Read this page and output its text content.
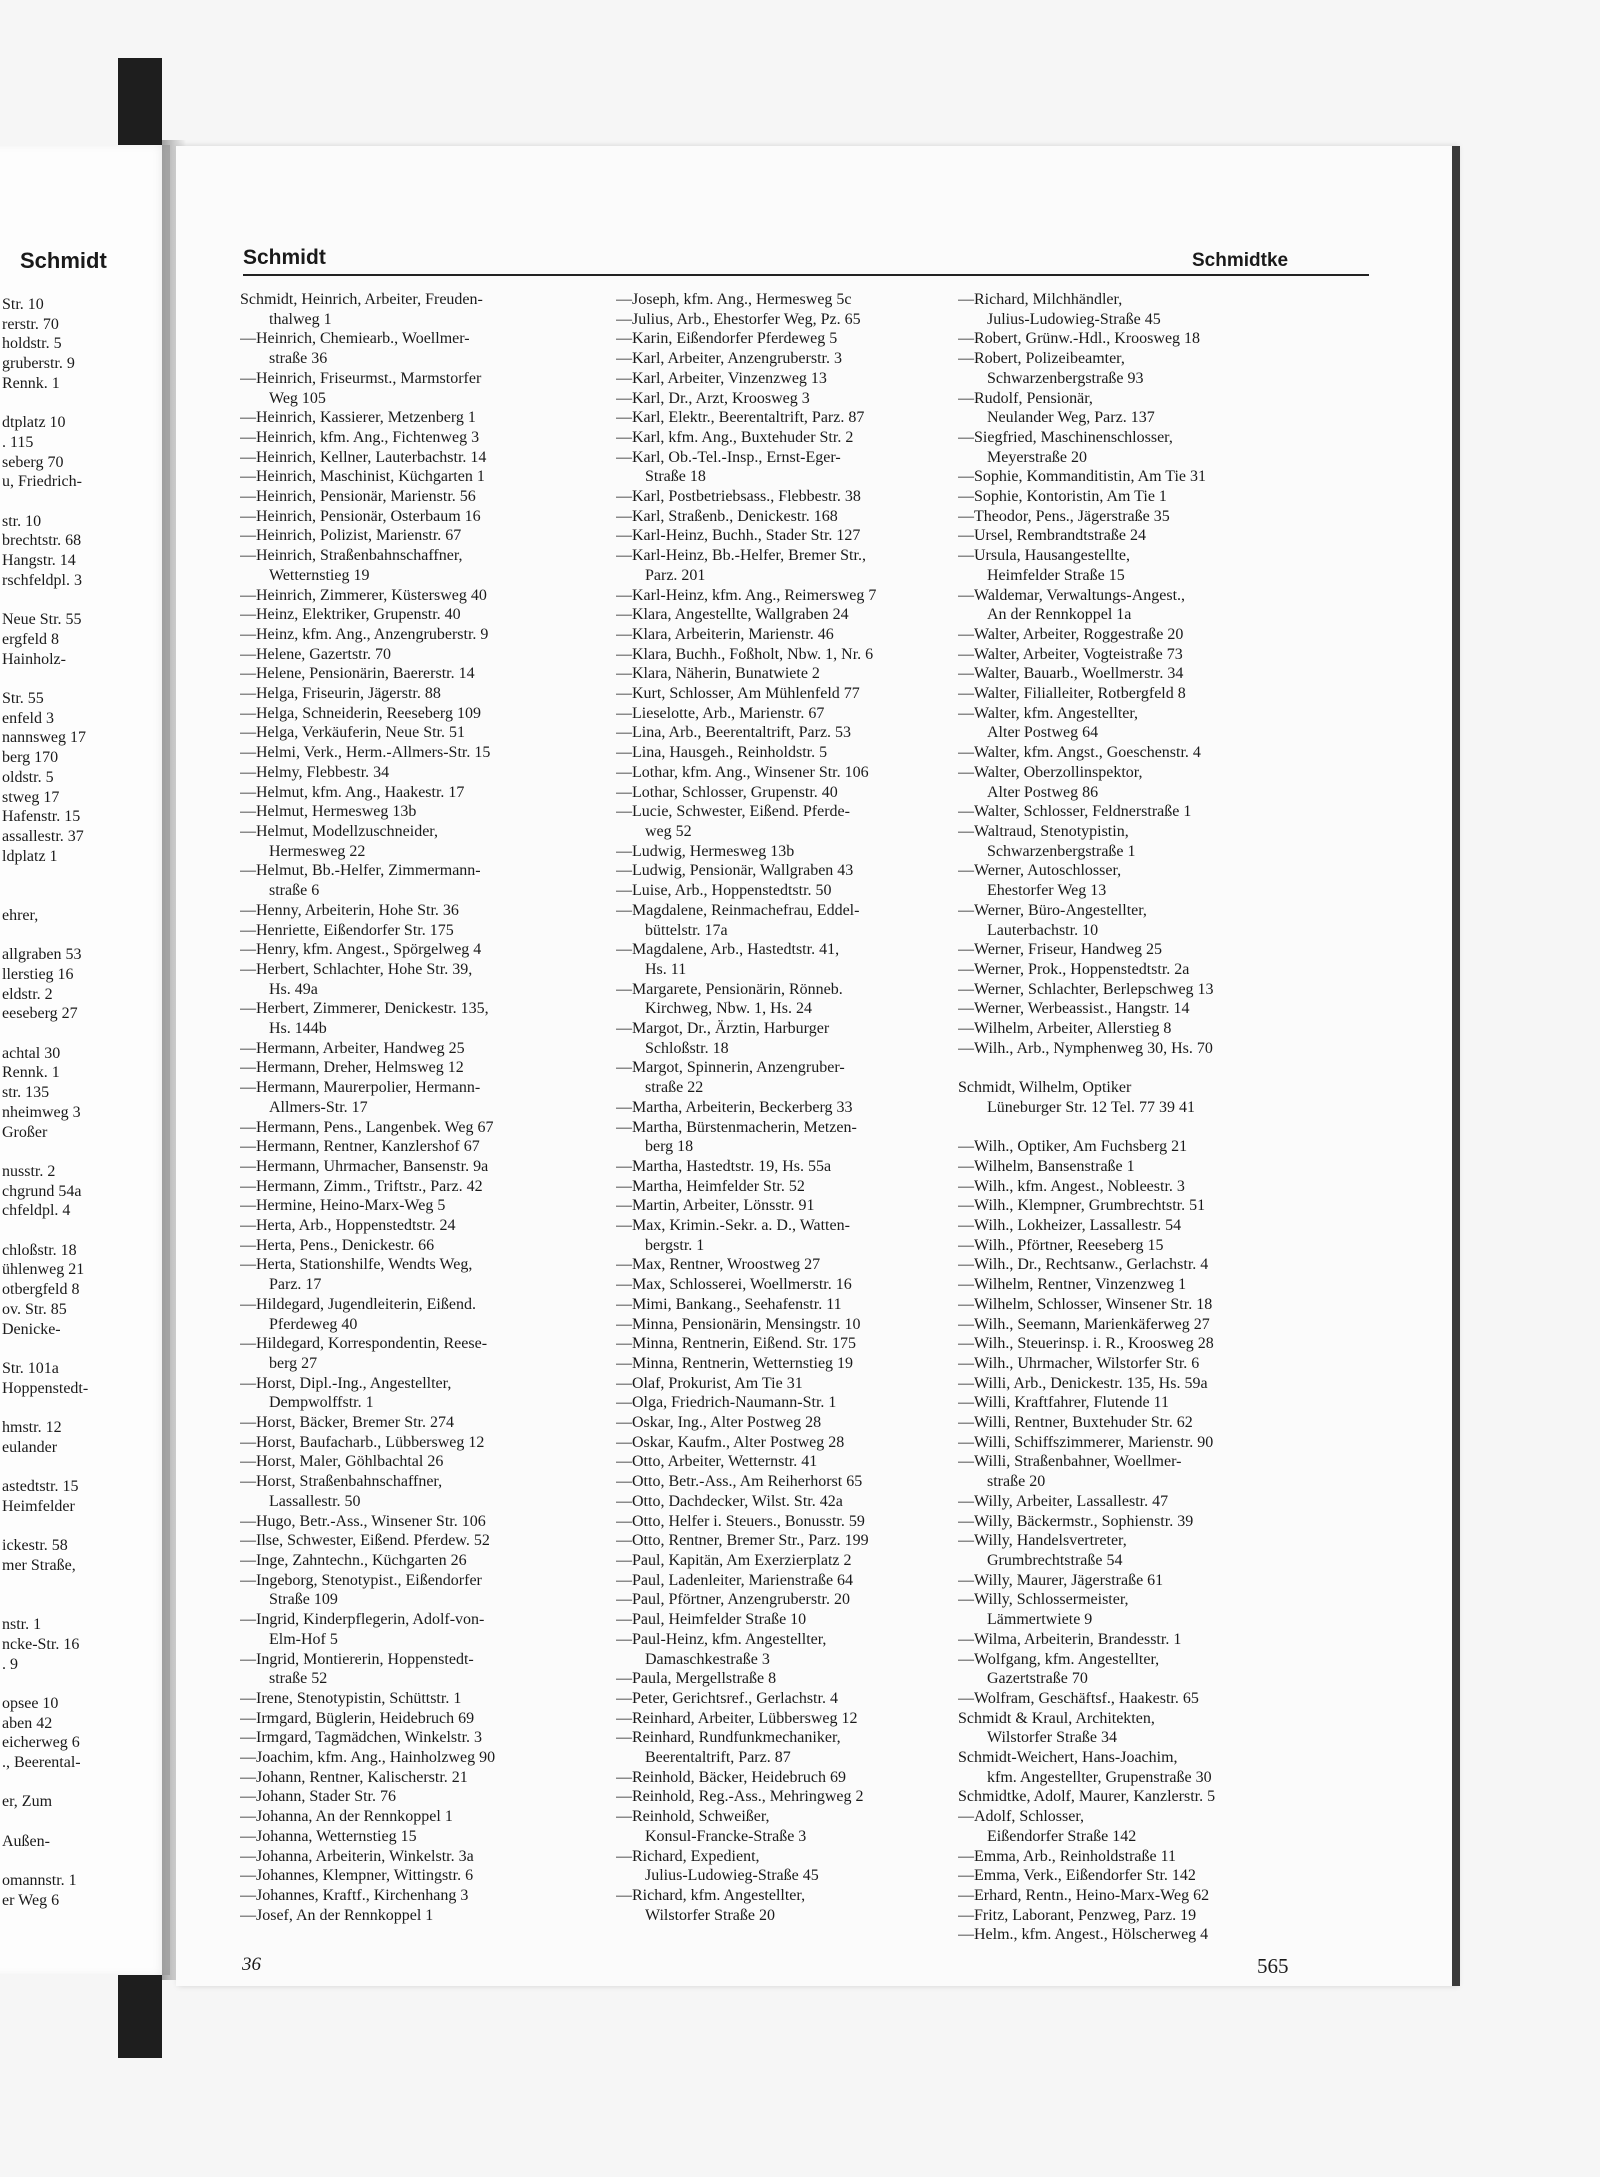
Schmidt
Str. 10
rerstr. 70
holdstr. 5
gruberstr. 9
Rennk. 1

dtplatz 10
. 115
seberg 70
u, Friedrich-

str. 10
brechtstr. 68
Hangstr. 14
rschfeldpl. 3

Neue Str. 55
ergfeld 8
Hainholz-

Str. 55
enfeld 3
nannsweg 17
berg 170
oldstr. 5
stweg 17
Hafenstr. 15
assallestr. 37
ldplatz 1

ehrer,

allgraben 53
llerstieg 16
eldstr. 2
eeseberg 27

achtal 30
Rennk. 1
str. 135
nheimweg 3
Großer

nusstr. 2
chgrund 54a
chfeldpl. 4

chloßstr. 18
ühlenweg 21
otbergfeld 8
ov. Str. 85
Denicke-

Str. 101a
Hoppenstedt-

hmstr. 12
eulander

astedtstr. 15
Heimfelder

ickestr. 58
mer Straße,

nstr. 1
ncke-Str. 16
. 9

opsee 10
aben 42
eicherweg 6
., Beerental-

er, Zum

Außen-

omannstr. 1
er Weg 6
Schmidt	Schmidtke
Schmidt, Heinrich, Arbeiter, Freuden-
thalweg 1
—Heinrich, Chemiearb., Woellmer-
straße 36
—Heinrich, Friseurmst., Marmstorfer
Weg 105
—Heinrich, Kassierer, Metzenberg 1
—Heinrich, kfm. Ang., Fichtenweg 3
—Heinrich, Kellner, Lauterbachstr. 14
—Heinrich, Maschinist, Küchgarten 1
—Heinrich, Pensionär, Marienstr. 56
—Heinrich, Pensionär, Osterbaum 16
—Heinrich, Polizist, Marienstr. 67
—Heinrich, Straßenbahnschaffner,
Wetternstieg 19
—Heinrich, Zimmerer, Küstersweg 40
—Heinz, Elektriker, Grupenstr. 40
—Heinz, kfm. Ang., Anzengruberstr. 9
—Helene, Gazertstr. 70
—Helene, Pensionärin, Baererstr. 14
—Helga, Friseurin, Jägerstr. 88
—Helga, Schneiderin, Reeseberg 109
—Helga, Verkäuferin, Neue Str. 51
—Helmi, Verk., Herm.-Allmers-Str. 15
—Helmy, Flebbestr. 34
—Helmut, kfm. Ang., Haakestr. 17
—Helmut, Hermesweg 13b
—Helmut, Modellzuschneider,
Hermesweg 22
—Helmut, Bb.-Helfer, Zimmermann-
straße 6
—Henny, Arbeiterin, Hohe Str. 36
—Henriette, Eißendorfer Str. 175
—Henry, kfm. Angest., Spörgelweg 4
—Herbert, Schlachter, Hohe Str. 39,
Hs. 49a
—Herbert, Zimmerer, Denickestr. 135,
Hs. 144b
—Hermann, Arbeiter, Handweg 25
—Hermann, Dreher, Helmsweg 12
—Hermann, Maurerpolier, Hermann-
Allmers-Str. 17
—Hermann, Pens., Langenbek. Weg 67
—Hermann, Rentner, Kanzlershof 67
—Hermann, Uhrmacher, Bansenstr. 9a
—Hermann, Zimm., Triftstr., Parz. 42
—Hermine, Heino-Marx-Weg 5
—Herta, Arb., Hoppenstedtstr. 24
—Herta, Pens., Denickestr. 66
—Herta, Stationshilfe, Wendts Weg,
Parz. 17
—Hildegard, Jugendleiterin, Eißend.
Pferdeweg 40
—Hildegard, Korrespondentin, Reese-
berg 27
—Horst, Dipl.-Ing., Angestellter,
Dempwolffstr. 1
—Horst, Bäcker, Bremer Str. 274
—Horst, Baufacharb., Lübbersweg 12
—Horst, Maler, Göhlbachtal 26
—Horst, Straßenbahnschaffner,
Lassallestr. 50
—Hugo, Betr.-Ass., Winsener Str. 106
—Ilse, Schwester, Eißend. Pferdew. 52
—Inge, Zahntechn., Küchgarten 26
—Ingeborg, Stenotypist., Eißendorfer
Straße 109
—Ingrid, Kinderpflegerin, Adolf-von-
Elm-Hof 5
—Ingrid, Montiererin, Hoppenstedt-
straße 52
—Irene, Stenotypistin, Schüttstr. 1
—Irmgard, Büglerin, Heidebruch 69
—Irmgard, Tagmädchen, Winkelstr. 3
—Joachim, kfm. Ang., Hainholzweg 90
—Johann, Rentner, Kalischerstr. 21
—Johann, Stader Str. 76
—Johanna, An der Rennkoppel 1
—Johanna, Wetternstieg 15
—Johanna, Arbeiterin, Winkelstr. 3a
—Johannes, Klempner, Wittingstr. 6
—Johannes, Kraftf., Kirchenhang 3
—Josef, An der Rennkoppel 1
—Joseph, kfm. Ang., Hermesweg 5c
—Julius, Arb., Ehestorfer Weg, Pz. 65
—Karin, Eißendorfer Pferdeweg 5
—Karl, Arbeiter, Anzengruberstr. 3
—Karl, Arbeiter, Vinzenzweg 13
—Karl, Dr., Arzt, Kroosweg 3
—Karl, Elektr., Beerentaltrift, Parz. 87
—Karl, kfm. Ang., Buxtehuder Str. 2
—Karl, Ob.-Tel.-Insp., Ernst-Eger-
Straße 18
—Karl, Postbetriebsass., Flebbestr. 38
—Karl, Straßenb., Denickestr. 168
—Karl-Heinz, Buchh., Stader Str. 127
—Karl-Heinz, Bb.-Helfer, Bremer Str.,
Parz. 201
—Karl-Heinz, kfm. Ang., Reimersweg 7
—Klara, Angestellte, Wallgraben 24
—Klara, Arbeiterin, Marienstr. 46
—Klara, Buchh., Foßholt, Nbw. 1, Nr. 6
—Klara, Näherin, Bunatwiete 2
—Kurt, Schlosser, Am Mühlenfeld 77
—Lieselotte, Arb., Marienstr. 67
—Lina, Arb., Beerentaltrift, Parz. 53
—Lina, Hausgeh., Reinholdstr. 5
—Lothar, kfm. Ang., Winsener Str. 106
—Lothar, Schlosser, Grupenstr. 40
—Lucie, Schwester, Eißend. Pferde-
weg 52
—Ludwig, Hermesweg 13b
—Ludwig, Pensionär, Wallgraben 43
—Luise, Arb., Hoppenstedtstr. 50
—Magdalene, Reinmachefrau, Eddel-
büttelstr. 17a
—Magdalene, Arb., Hastedtstr. 41,
Hs. 11
—Margarete, Pensionärin, Rönneb.
Kirchweg, Nbw. 1, Hs. 24
—Margot, Dr., Ärztin, Harburger
Schloßstr. 18
—Margot, Spinnerin, Anzengruber-
straße 22
—Martha, Arbeiterin, Beckerberg 33
—Martha, Bürstenmacherin, Metzen-
berg 18
—Martha, Hastedtstr. 19, Hs. 55a
—Martha, Heimfelder Str. 52
—Martin, Arbeiter, Lönsstr. 91
—Max, Krimin.-Sekr. a. D., Watten-
bergstr. 1
—Max, Rentner, Wroostweg 27
—Max, Schlosserei, Woellmerstr. 16
—Mimi, Bankang., Seehafenstr. 11
—Minna, Pensionärin, Mensingstr. 10
—Minna, Rentnerin, Eißend. Str. 175
—Minna, Rentnerin, Wetternstieg 19
—Olaf, Prokurist, Am Tie 31
—Olga, Friedrich-Naumann-Str. 1
—Oskar, Ing., Alter Postweg 28
—Oskar, Kaufm., Alter Postweg 28
—Otto, Arbeiter, Wetternstr. 41
—Otto, Betr.-Ass., Am Reiherhorst 65
—Otto, Dachdecker, Wilst. Str. 42a
—Otto, Helfer i. Steuers., Bonusstr. 59
—Otto, Rentner, Bremer Str., Parz. 199
—Paul, Kapitän, Am Exerzierplatz 2
—Paul, Ladenleiter, Marienstraße 64
—Paul, Pförtner, Anzengruberstr. 20
—Paul, Heimfelder Straße 10
—Paul-Heinz, kfm. Angestellter,
Damaschkestraße 3
—Paula, Mergellstraße 8
—Peter, Gerichtsref., Gerlachstr. 4
—Reinhard, Arbeiter, Lübbersweg 12
—Reinhard, Rundfunkmechaniker,
Beerentaltrift, Parz. 87
—Reinhold, Bäcker, Heidebruch 69
—Reinhold, Reg.-Ass., Mehringweg 2
—Reinhold, Schweißer,
Konsul-Francke-Straße 3
—Richard, Expedient,
Julius-Ludowieg-Straße 45
—Richard, kfm. Angestellter,
Wilstorfer Straße 20
—Richard, Milchhändler,
Julius-Ludowieg-Straße 45
—Robert, Grünw.-Hdl., Kroosweg 18
—Robert, Polizeibeamter,
Schwarzenbergstraße 93
—Rudolf, Pensionär,
Neulander Weg, Parz. 137
—Siegfried, Maschinenschlosser,
Meyerstraße 20
—Sophie, Kommanditistin, Am Tie 31
—Sophie, Kontoristin, Am Tie 1
—Theodor, Pens., Jägerstraße 35
—Ursel, Rembrandtstraße 24
—Ursula, Hausangestellte,
Heimfelder Straße 15
—Waldemar, Verwaltungs-Angest.,
An der Rennkoppel 1a
—Walter, Arbeiter, Roggestraße 20
—Walter, Arbeiter, Vogteistraße 73
—Walter, Bauarb., Woellmerstr. 34
—Walter, Filialleiter, Rotbergfeld 8
—Walter, kfm. Angestellter,
Alter Postweg 64
—Walter, kfm. Angst., Goeschenstr. 4
—Walter, Oberzollinspektor,
Alter Postweg 86
—Walter, Schlosser, Feldnerstraße 1
—Waltraud, Stenotypistin,
Schwarzenbergstraße 1
—Werner, Autoschlosser,
Ehestorfer Weg 13
—Werner, Büro-Angestellter,
Lauterbachstr. 10
—Werner, Friseur, Handweg 25
—Werner, Prok., Hoppenstedtstr. 2a
—Werner, Schlachter, Berlepschweg 13
—Werner, Werbeassist., Hangstr. 14
—Wilhelm, Arbeiter, Allerstieg 8
—Wilh., Arb., Nymphenweg 30, Hs. 70

Schmidt, Wilhelm, Optiker
Lüneburger Str. 12 Tel. 77 39 41

—Wilh., Optiker, Am Fuchsberg 21
—Wilhelm, Bansenstraße 1
—Wilh., kfm. Angest., Nobleestr. 3
—Wilh., Klempner, Grumbrechtstr. 51
—Wilh., Lokheizer, Lassallestr. 54
—Wilh., Pförtner, Reeseberg 15
—Wilh., Dr., Rechtsanw., Gerlachstr. 4
—Wilhelm, Rentner, Vinzenzweg 1
—Wilhelm, Schlosser, Winsener Str. 18
—Wilh., Seemann, Marienkäferweg 27
—Wilh., Steuerinsp. i. R., Kroosweg 28
—Wilh., Uhrmacher, Wilstorfer Str. 6
—Willi, Arb., Denickestr. 135, Hs. 59a
—Willi, Kraftfahrer, Flutende 11
—Willi, Rentner, Buxtehuder Str. 62
—Willi, Schiffszimmerer, Marienstr. 90
—Willi, Straßenbahner, Woellmer-
straße 20
—Willy, Arbeiter, Lassallestr. 47
—Willy, Bäckermstr., Sophienstr. 39
—Willy, Handelsvertreter,
Grumbrechtstraße 54
—Willy, Maurer, Jägerstraße 61
—Willy, Schlossermeister,
Lämmertwiete 9
—Wilma, Arbeiterin, Brandesstr. 1
—Wolfgang, kfm. Angestellter,
Gazertstraße 70
—Wolfram, Geschäftsf., Haakestr. 65
Schmidt & Kraul, Architekten,
Wilstorfer Straße 34
Schmidt-Weichert, Hans-Joachim,
kfm. Angestellter, Grupenstraße 30
Schmidtke, Adolf, Maurer, Kanzlerstr. 5
—Adolf, Schlosser,
Eißendorfer Straße 142
—Emma, Arb., Reinholdstraße 11
—Emma, Verk., Eißendorfer Str. 142
—Erhard, Rentn., Heino-Marx-Weg 62
—Fritz, Laborant, Penzweg, Parz. 19
—Helm., kfm. Angest., Hölscherweg 4
36	565
